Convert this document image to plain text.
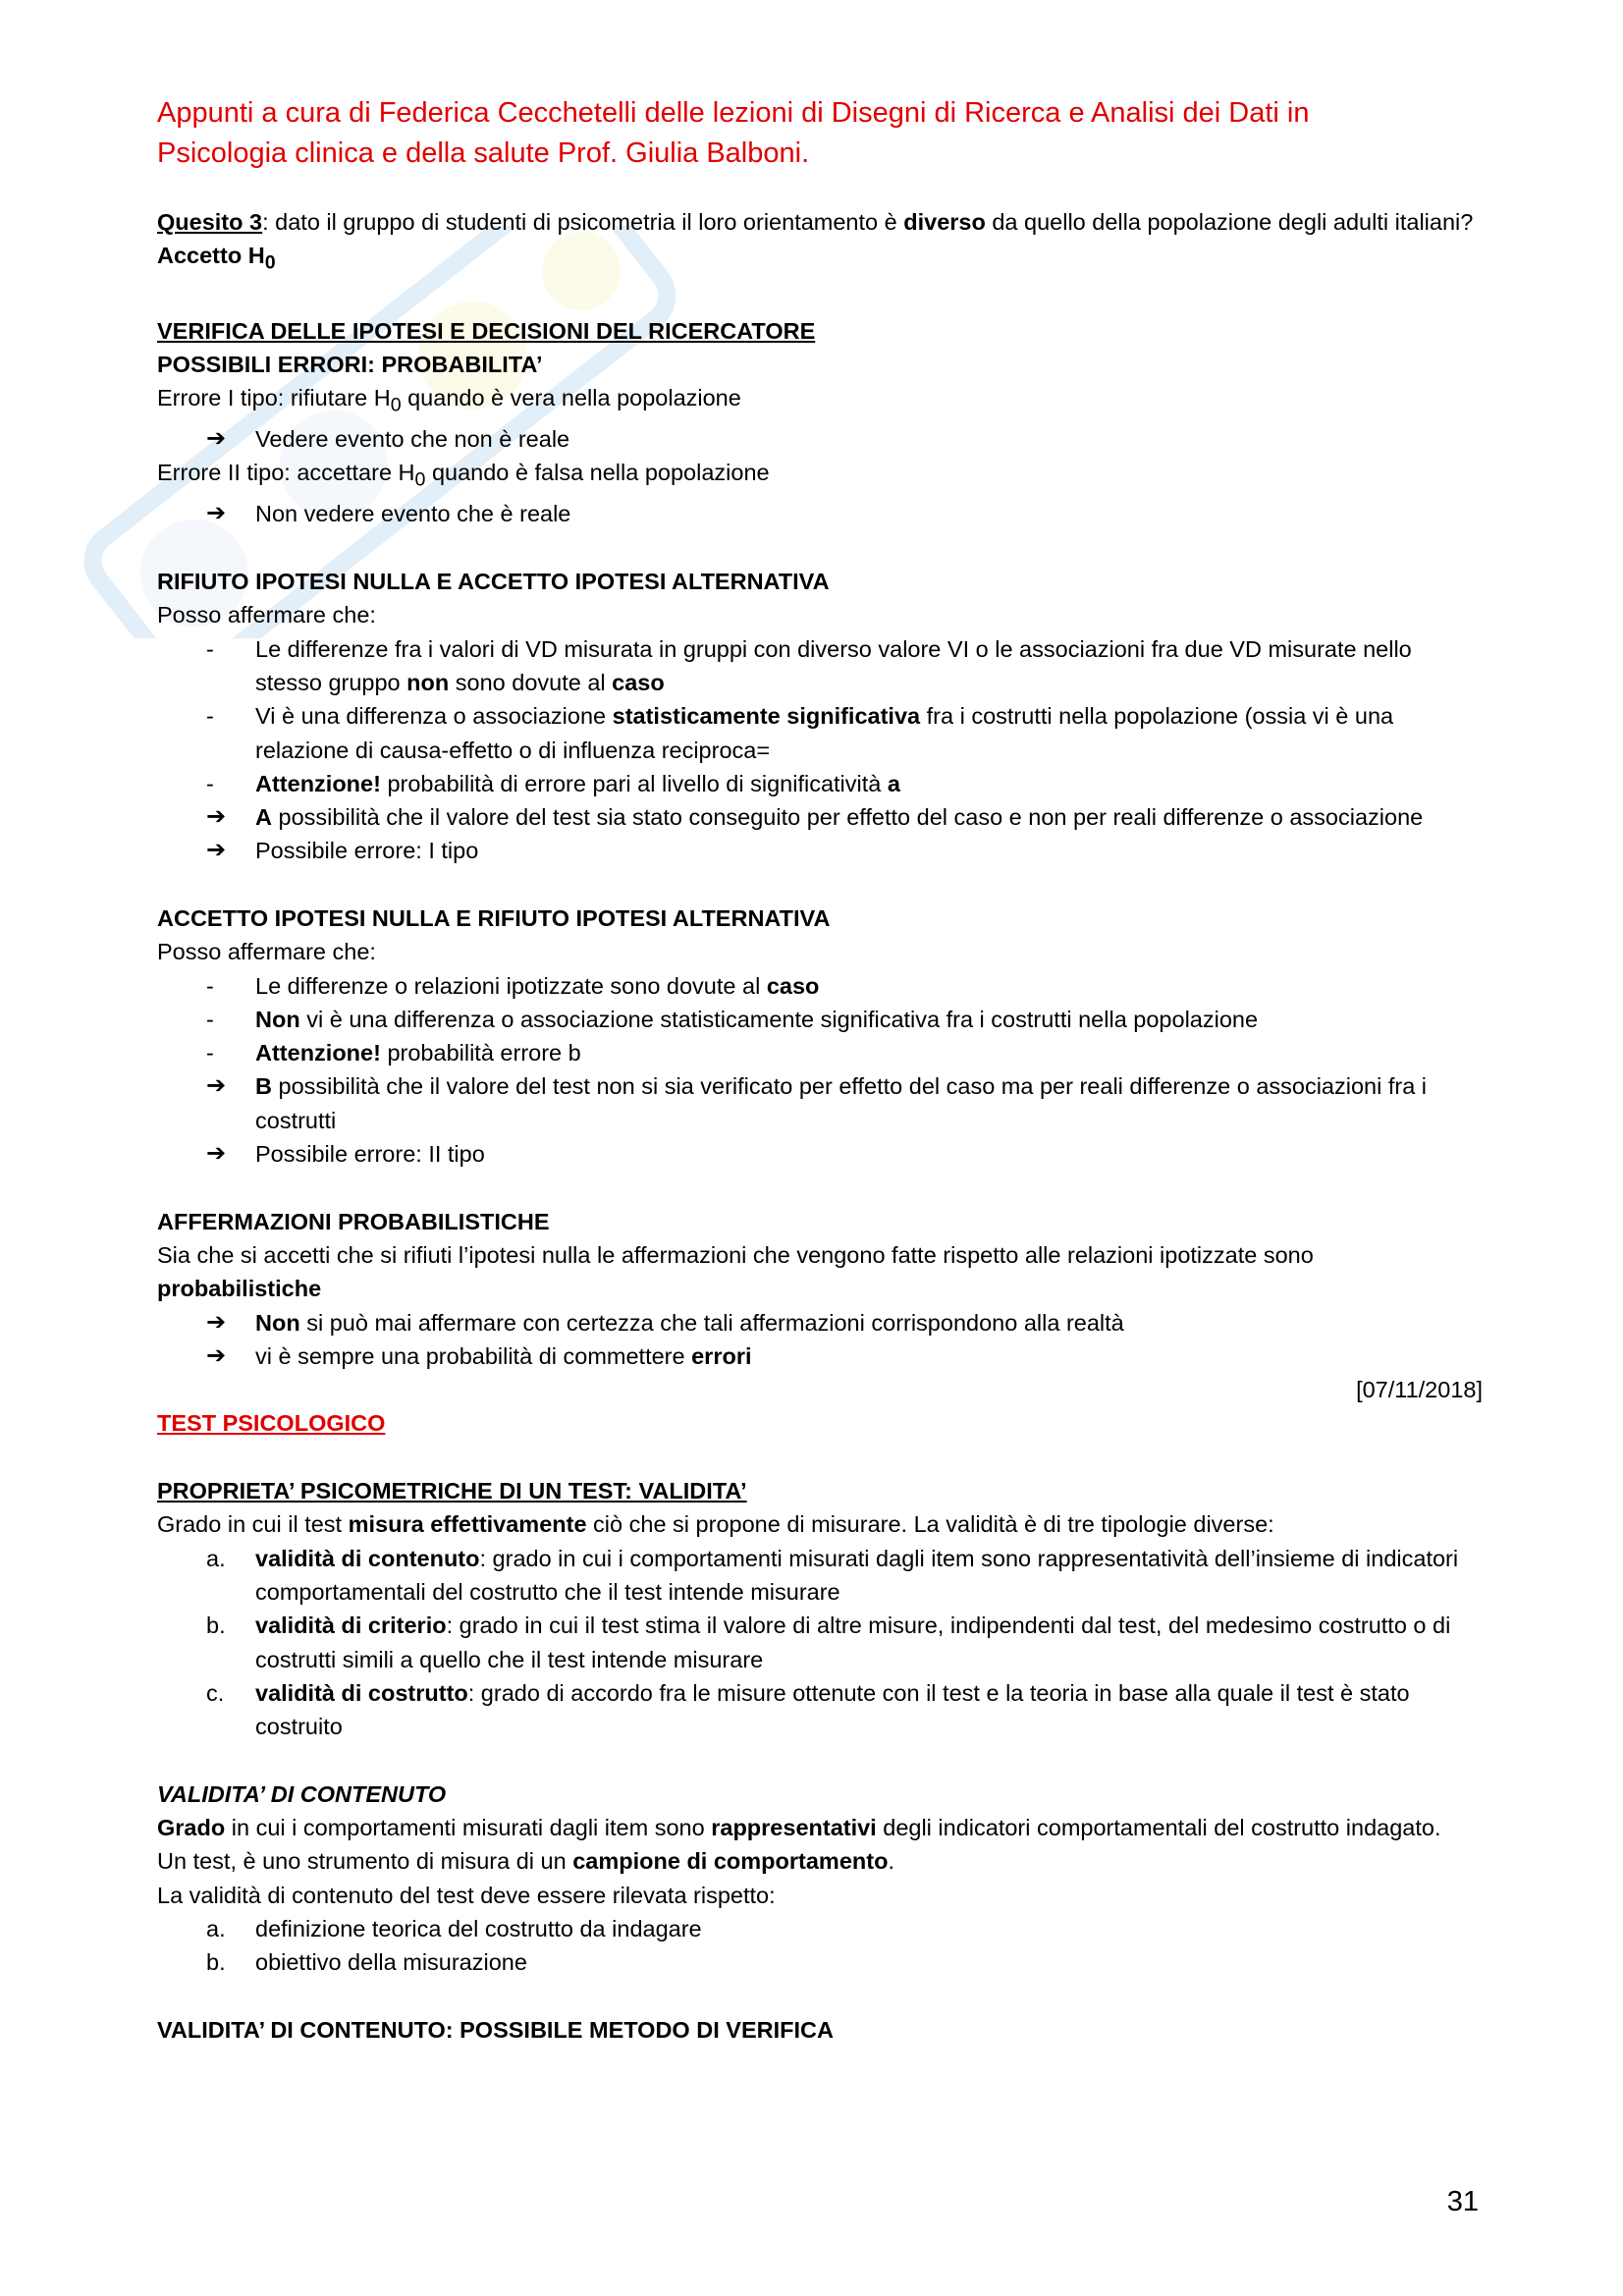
Appunti a cura di Federica Cecchetelli delle lezioni di Disegni di Ricerca e Analisi dei Dati in
Psicologia clinica e della salute Prof. Giulia Balboni.

Quesito 3: dato il gruppo di studenti di psicometria il loro orientamento è diverso da quello della popolazione degli adulti italiani?

Accetto $H_0$

VERIFICA DELLE IPOTESI E DECISIONI DEL RICERCATORE

POSSIBILI ERRORI: PROBABILITA’

Errore I tipo: rifiutare $H_0$ quando è vera nella popolazione

➔ Vedere evento che non è reale

Errore II tipo: accettare $H_0$ quando è falsa nella popolazione

➔ Non vedere evento che è reale

RIFIUTO IPOTESI NULLA E ACCETTO IPOTESI ALTERNATIVA

Posso affermare che:

- Le differenze fra i valori di VD misurata in gruppi con diverso valore VI o le associazioni fra due VD misurate nello stesso gruppo non sono dovute al caso
- Vi è una differenza o associazione statisticamente significativa fra i costrutti nella popolazione (ossia vi è una relazione di causa-effetto o di influenza reciproca=
- Attenzione! probabilità di errore pari al livello di significatività a
➔ A possibilità che il valore del test sia stato conseguito per effetto del caso e non per reali differenze o associazione
➔ Possibile errore: I tipo

ACCETTO IPOTESI NULLA E RIFIUTO IPOTESI ALTERNATIVA

Posso affermare che:

- Le differenze o relazioni ipotizzate sono dovute al caso
- Non vi è una differenza o associazione statisticamente significativa fra i costrutti nella popolazione
- Attenzione! probabilità errore b
➔ B possibilità che il valore del test non si sia verificato per effetto del caso ma per reali differenze o associazioni fra i costrutti
➔ Possibile errore: II tipo

AFFERMAZIONI PROBABILISTICHE

Sia che si accetti che si rifiuti l’ipotesi nulla le affermazioni che vengono fatte rispetto alle relazioni ipotizzate sono probabilistiche

➔ Non si può mai affermare con certezza che tali affermazioni corrispondono alla realtà
➔ vi è sempre una probabilità di commettere errori

[07/11/2018]

TEST PSICOLOGICO

PROPRIETA’ PSICOMETRICHE DI UN TEST: VALIDITA’

Grado in cui il test misura effettivamente ciò che si propone di misurare. La validità è di tre tipologie diverse:

a. validità di contenuto: grado in cui i comportamenti misurati dagli item sono rappresentatività dell’insieme di indicatori comportamentali del costrutto che il test intende misurare
b. validità di criterio: grado in cui il test stima il valore di altre misure, indipendenti dal test, del medesimo costrutto o di costrutti simili a quello che il test intende misurare
c. validità di costrutto: grado di accordo fra le misure ottenute con il test e la teoria in base alla quale il test è stato costruito

VALIDITA’ DI CONTENUTO

Grado in cui i comportamenti misurati dagli item sono rappresentativi degli indicatori comportamentali del costrutto indagato.

Un test, è uno strumento di misura di un campione di comportamento.

La validità di contenuto del test deve essere rilevata rispetto:

a. definizione teorica del costrutto da indagare
b. obiettivo della misurazione

VALIDITA’ DI CONTENUTO: POSSIBILE METODO DI VERIFICA

31
